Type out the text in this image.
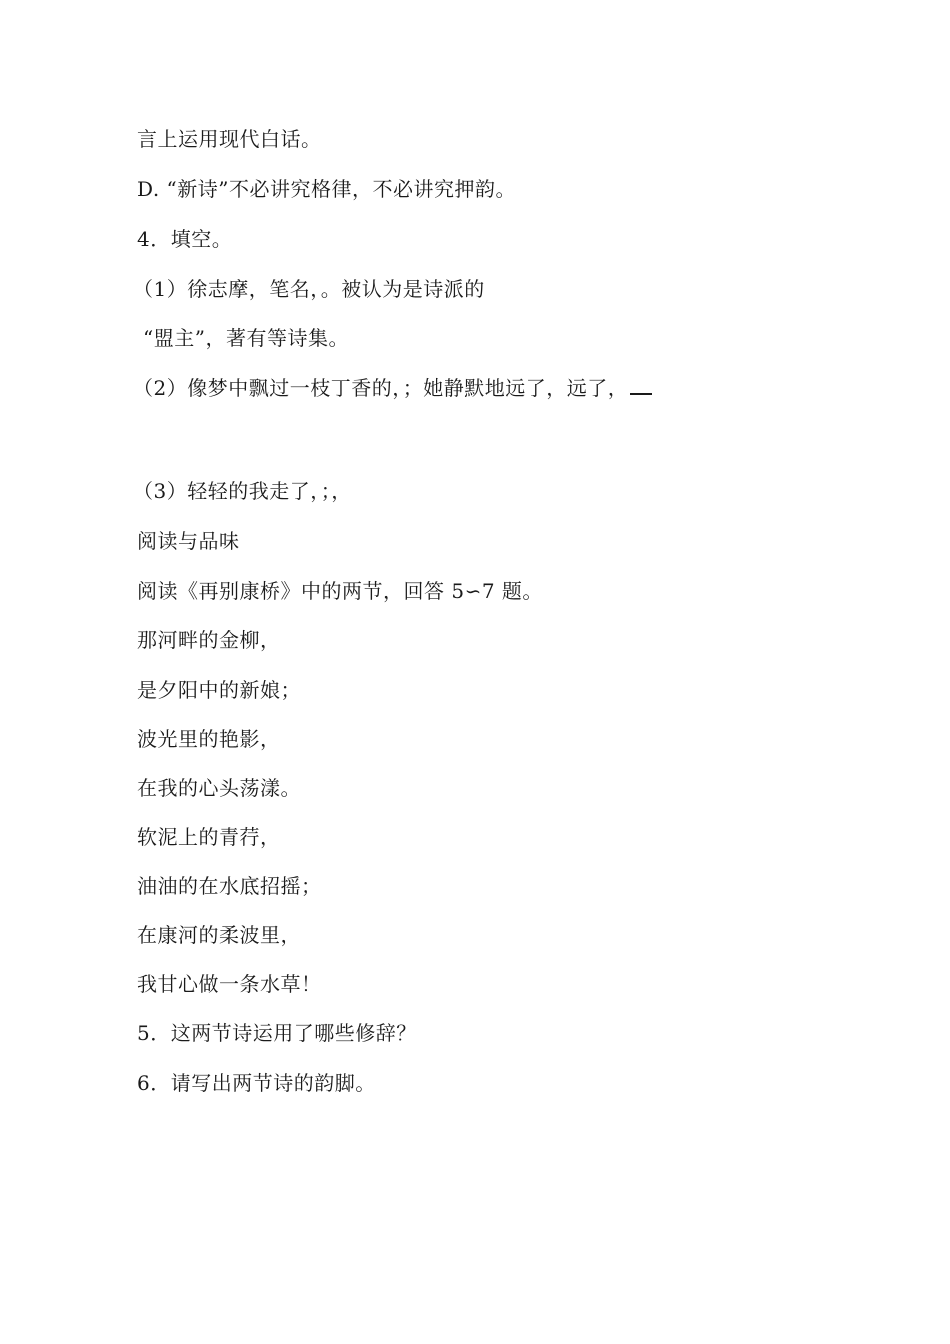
言上运用现代白话。
D. “新诗”不必讲究格律，不必讲究押韵。
4．填空。
（1）徐志摩，笔名，。被认为是诗派的
“盟主”，著有等诗集。
（2）像梦中飘过一枝丁香的，；她静默地远了，远了，
（3）轻轻的我走了，；，
阅读与品味
阅读《再别康桥》中的两节，回答 5∽7 题。
那河畔的金柳，
是夕阳中的新娘；
波光里的艳影，
在我的心头荡漾。
软泥上的青荇，
油油的在水底招摇；
在康河的柔波里，
我甘心做一条水草！
5．这两节诗运用了哪些修辞？
6．请写出两节诗的韵脚。
